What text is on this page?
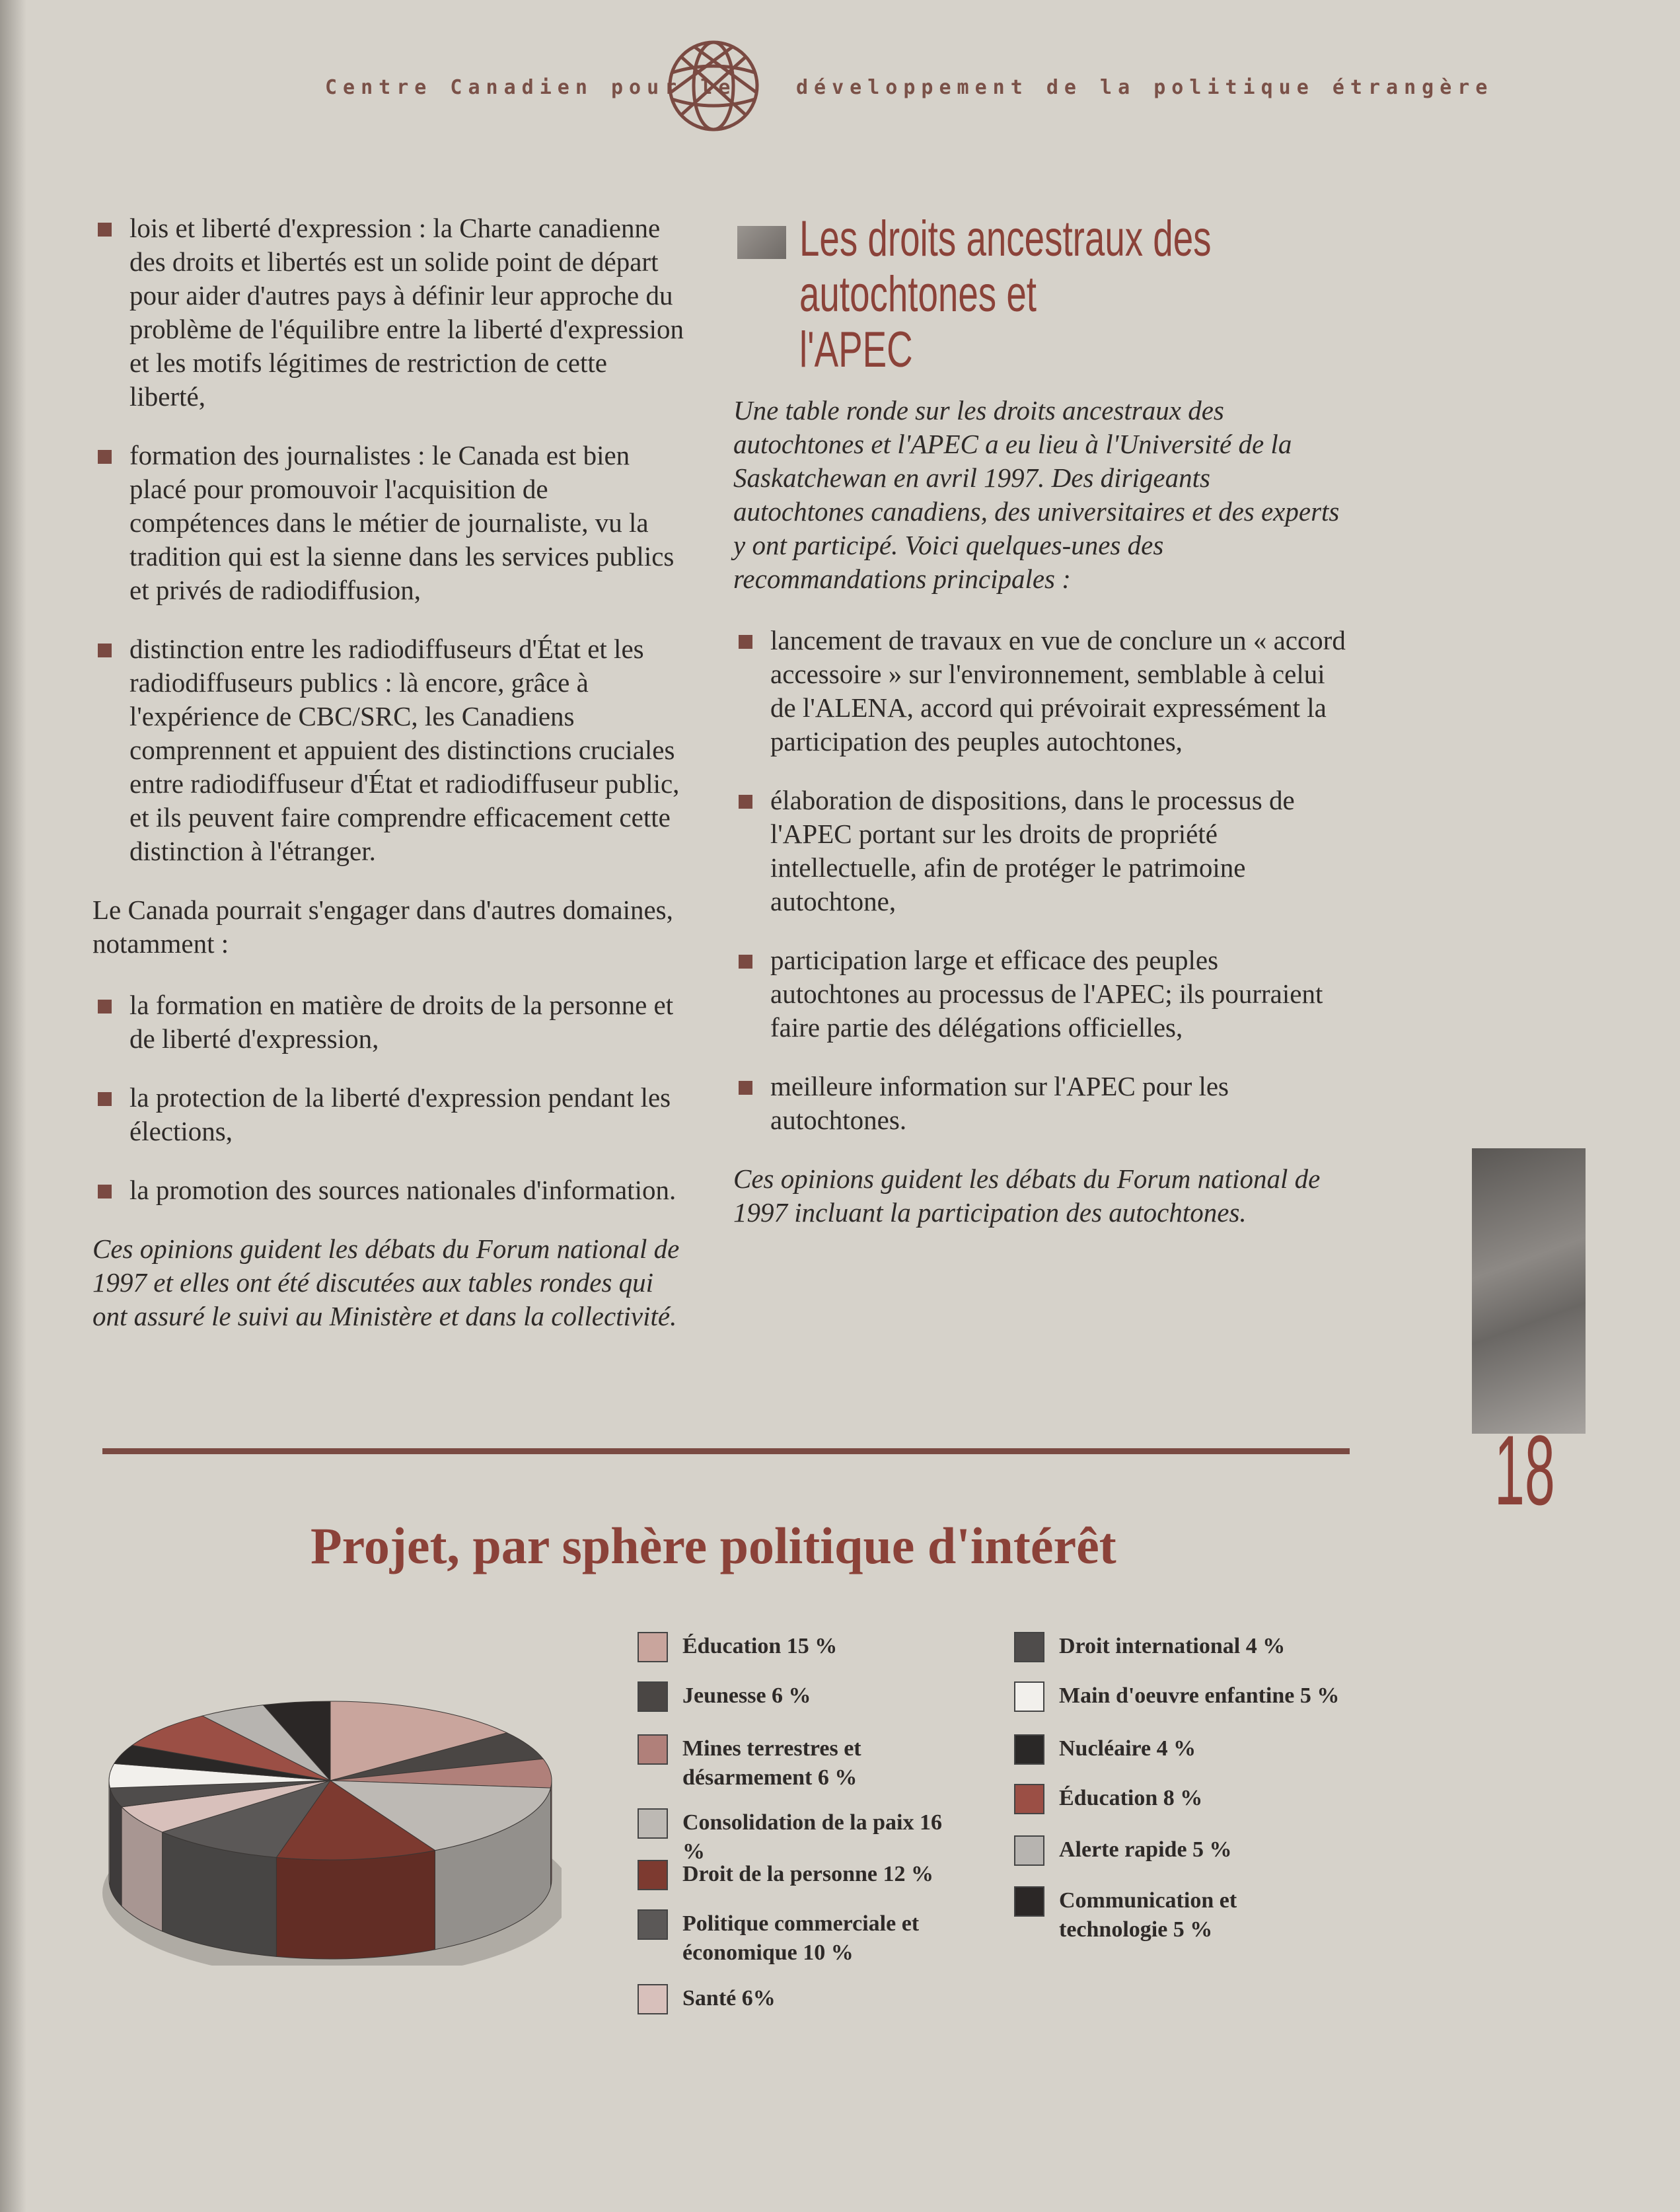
Centre Canadien pour le	développement de la politique étrangère
lois et liberté d'expression : la Charte canadienne des droits et libertés est un solide point de départ pour aider d'autres pays à définir leur approche du problème de l'équilibre entre la liberté d'expression et les motifs légitimes de restriction de cette liberté,
formation des journalistes : le Canada est bien placé pour promouvoir l'acquisition de compétences dans le métier de journaliste, vu la tradition qui est la sienne dans les services publics et privés de radiodiffusion,
distinction entre les radiodiffuseurs d'État et les radiodiffuseurs publics : là encore, grâce à l'expérience de CBC/SRC, les Canadiens comprennent et appuient des distinctions cruciales entre radiodiffuseur d'État et radiodiffuseur public, et ils peuvent faire comprendre efficacement cette distinction à l'étranger.

Le Canada pourrait s'engager dans d'autres domaines, notamment :

la formation en matière de droits de la personne et de liberté d'expression,
la protection de la liberté d'expression pendant les élections,
la promotion des sources nationales d'information.

Ces opinions guident les débats du Forum national de 1997 et elles ont été discutées aux tables rondes qui ont assuré le suivi au Ministère et dans la collectivité.

Les droits ancestraux des autochtones et
l'APEC

Une table ronde sur les droits ancestraux des autochtones et l'APEC a eu lieu à l'Université de la Saskatchewan en avril 1997. Des dirigeants autochtones canadiens, des universitaires et des experts y ont participé. Voici quelques-unes des recommandations principales :

lancement de travaux en vue de conclure un « accord accessoire » sur l'environnement, semblable à celui de l'ALENA, accord qui prévoirait expressément la participation des peuples autochtones,
élaboration de dispositions, dans le processus de l'APEC portant sur les droits de propriété intellectuelle, afin de protéger le patrimoine autochtone,
participation large et efficace des peuples autochtones au processus de l'APEC; ils pourraient faire partie des délégations officielles,
meilleure information sur l'APEC pour les autochtones.

Ces opinions guident les débats du Forum national de 1997 incluant la participation des autochtones.

18
Projet, par sphère politique d'intérêt
Éducation 15 %
Jeunesse 6 %
Mines terrestres et désarmement 6 %
Consolidation de la paix 16 %
Droit de la personne 12 %
Politique commerciale et économique 10 %
Santé 6%
Droit international 4 %
Main d'oeuvre enfantine 5 %
Nucléaire 4 %
Éducation 8 %
Alerte rapide 5 %
Communication et technologie 5 %
